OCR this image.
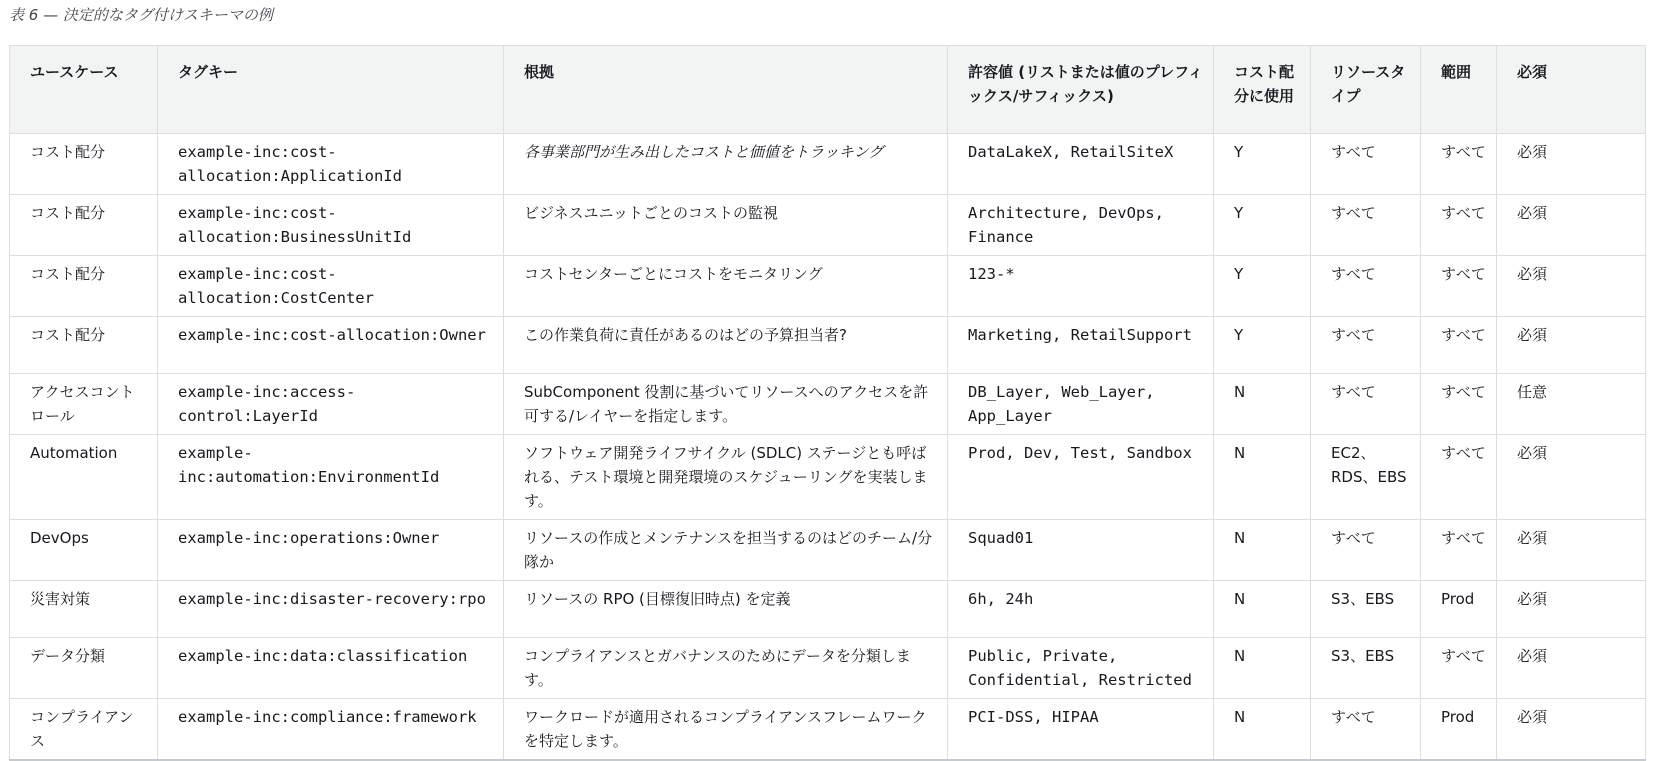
表 6 — 決定的なタグ付けスキーマの例
ユースケース	タグキー	根拠	許容値 (リストまたは値のプレフィックス/サフィックス)	コスト配分に使用	リソースタイプ	範囲	必須
コスト配分	example-inc:cost-allocation:ApplicationId	各事業部門が生み出したコストと価値をトラッキング	DataLakeX, RetailSiteX	Y	すべて	すべて	必須
コスト配分	example-inc:cost-allocation:BusinessUnitId	ビジネスユニットごとのコストの監視	Architecture, DevOps, Finance	Y	すべて	すべて	必須
コスト配分	example-inc:cost-allocation:CostCenter	コストセンターごとにコストをモニタリング	123-*	Y	すべて	すべて	必須
コスト配分	example-inc:cost-allocation:Owner	この作業負荷に責任があるのはどの予算担当者?	Marketing, RetailSupport	Y	すべて	すべて	必須
アクセスコントロール	example-inc:access-control:LayerId	SubComponent 役割に基づいてリソースへのアクセスを許可する/レイヤーを指定します。	DB_Layer, Web_Layer, App_Layer	N	すべて	すべて	任意
Automation	example-inc:automation:EnvironmentId	ソフトウェア開発ライフサイクル (SDLC) ステージとも呼ばれる、テスト環境と開発環境のスケジューリングを実装します。	Prod, Dev, Test, Sandbox	N	EC2、RDS、EBS	すべて	必須
DevOps	example-inc:operations:Owner	リソースの作成とメンテナンスを担当するのはどのチーム/分隊か	Squad01	N	すべて	すべて	必須
災害対策	example-inc:disaster-recovery:rpo	リソースの RPO (目標復旧時点) を定義	6h, 24h	N	S3、EBS	Prod	必須
データ分類	example-inc:data:classification	コンプライアンスとガバナンスのためにデータを分類します。	Public, Private, Confidential, Restricted	N	S3、EBS	すべて	必須
コンプライアンス	example-inc:compliance:framework	ワークロードが適用されるコンプライアンスフレームワークを特定します。	PCI-DSS, HIPAA	N	すべて	Prod	必須
